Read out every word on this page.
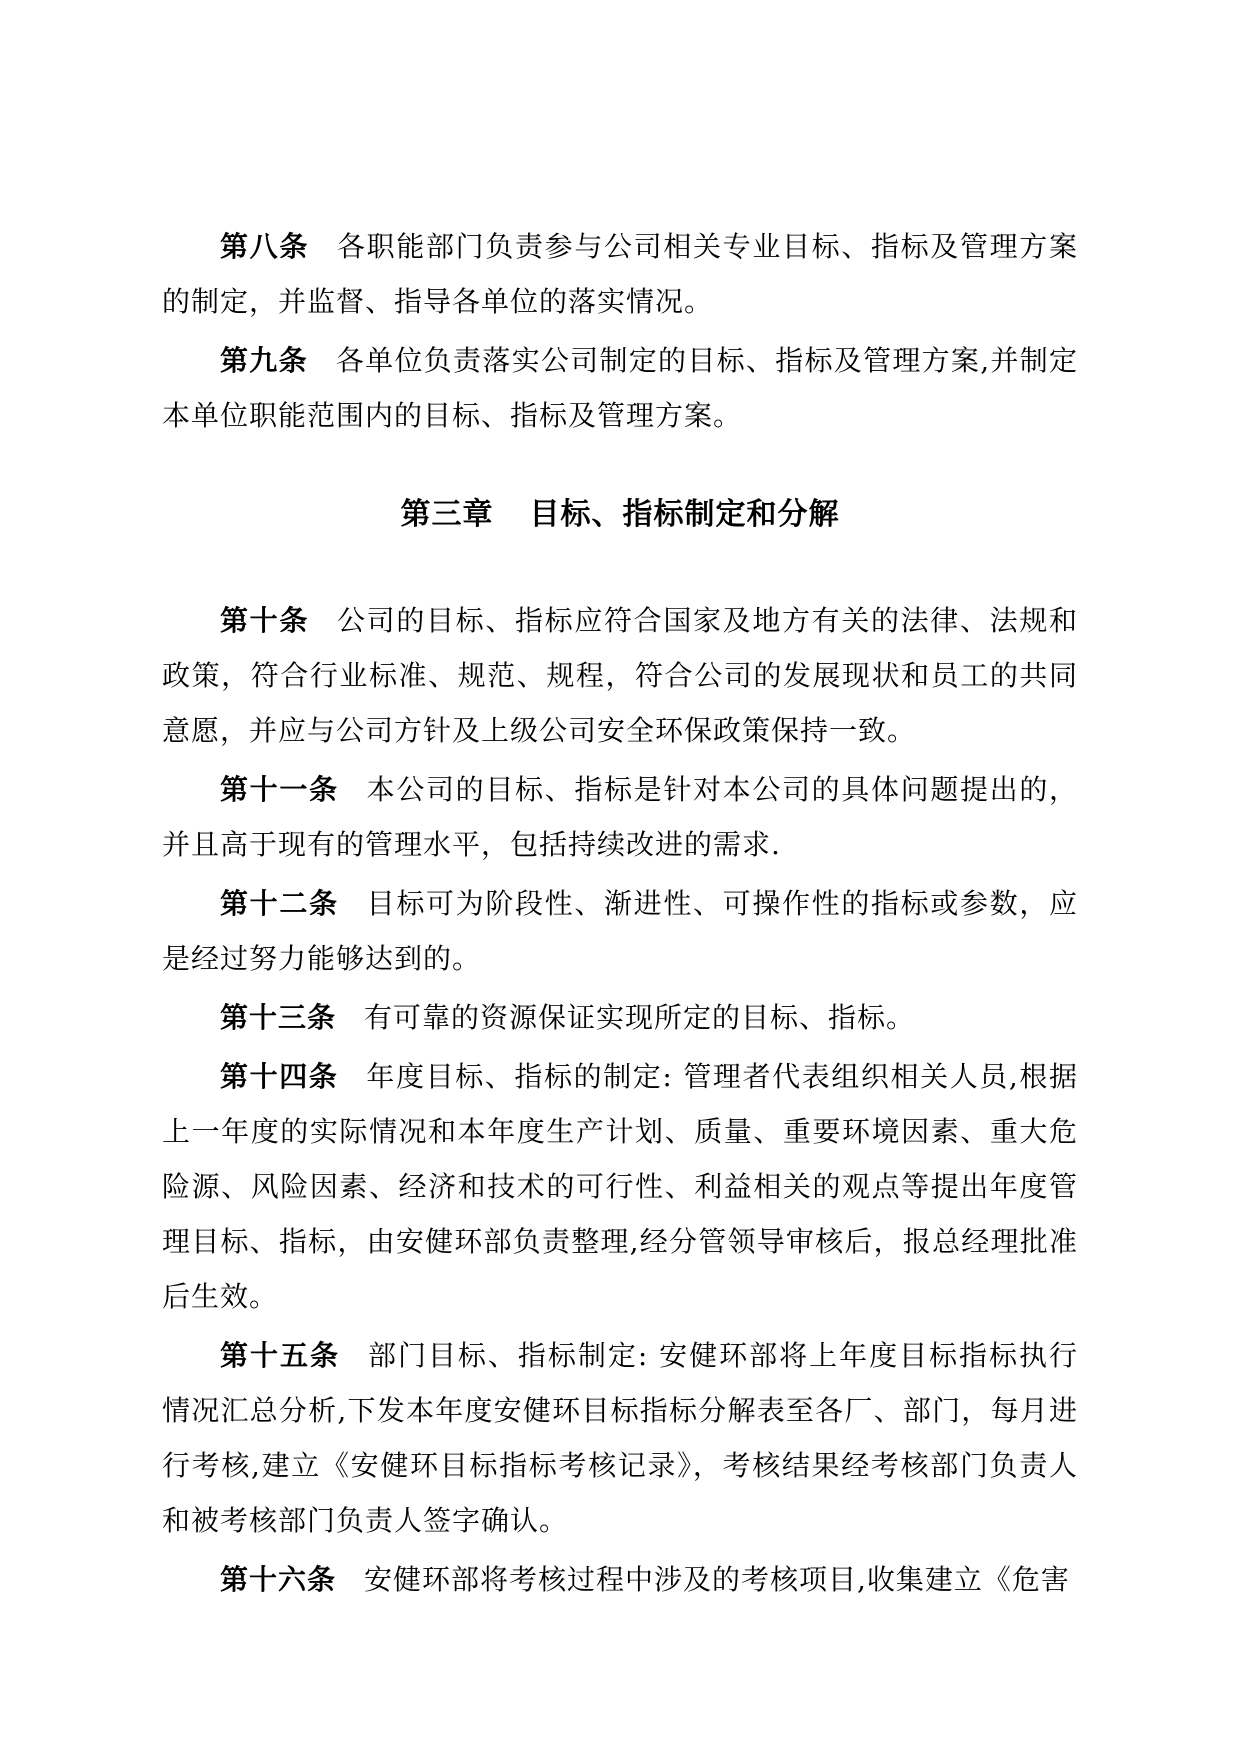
第八条 各职能部门负责参与公司相关专业目标、指标及管理方案的制定，并监督、指导各单位的落实情况。

第九条 各单位负责落实公司制定的目标、指标及管理方案,并制定本单位职能范围内的目标、指标及管理方案。

第三章 目标、指标制定和分解

第十条 公司的目标、指标应符合国家及地方有关的法律、法规和政策，符合行业标准、规范、规程，符合公司的发展现状和员工的共同意愿，并应与公司方针及上级公司安全环保政策保持一致。

第十一条 本公司的目标、指标是针对本公司的具体问题提出的，并且高于现有的管理水平，包括持续改进的需求.

第十二条 目标可为阶段性、渐进性、可操作性的指标或参数，应是经过努力能够达到的。

第十三条 有可靠的资源保证实现所定的目标、指标。

第十四条 年度目标、指标的制定: 管理者代表组织相关人员,根据上一年度的实际情况和本年度生产计划、质量、重要环境因素、重大危险源、风险因素、经济和技术的可行性、利益相关的观点等提出年度管理目标、指标，由安健环部负责整理,经分管领导审核后，报总经理批准后生效。

第十五条 部门目标、指标制定: 安健环部将上年度目标指标执行情况汇总分析,下发本年度安健环目标指标分解表至各厂、部门，每月进行考核,建立《安健环目标指标考核记录》，考核结果经考核部门负责人和被考核部门负责人签字确认。

第十六条 安健环部将考核过程中涉及的考核项目,收集建立《危害
